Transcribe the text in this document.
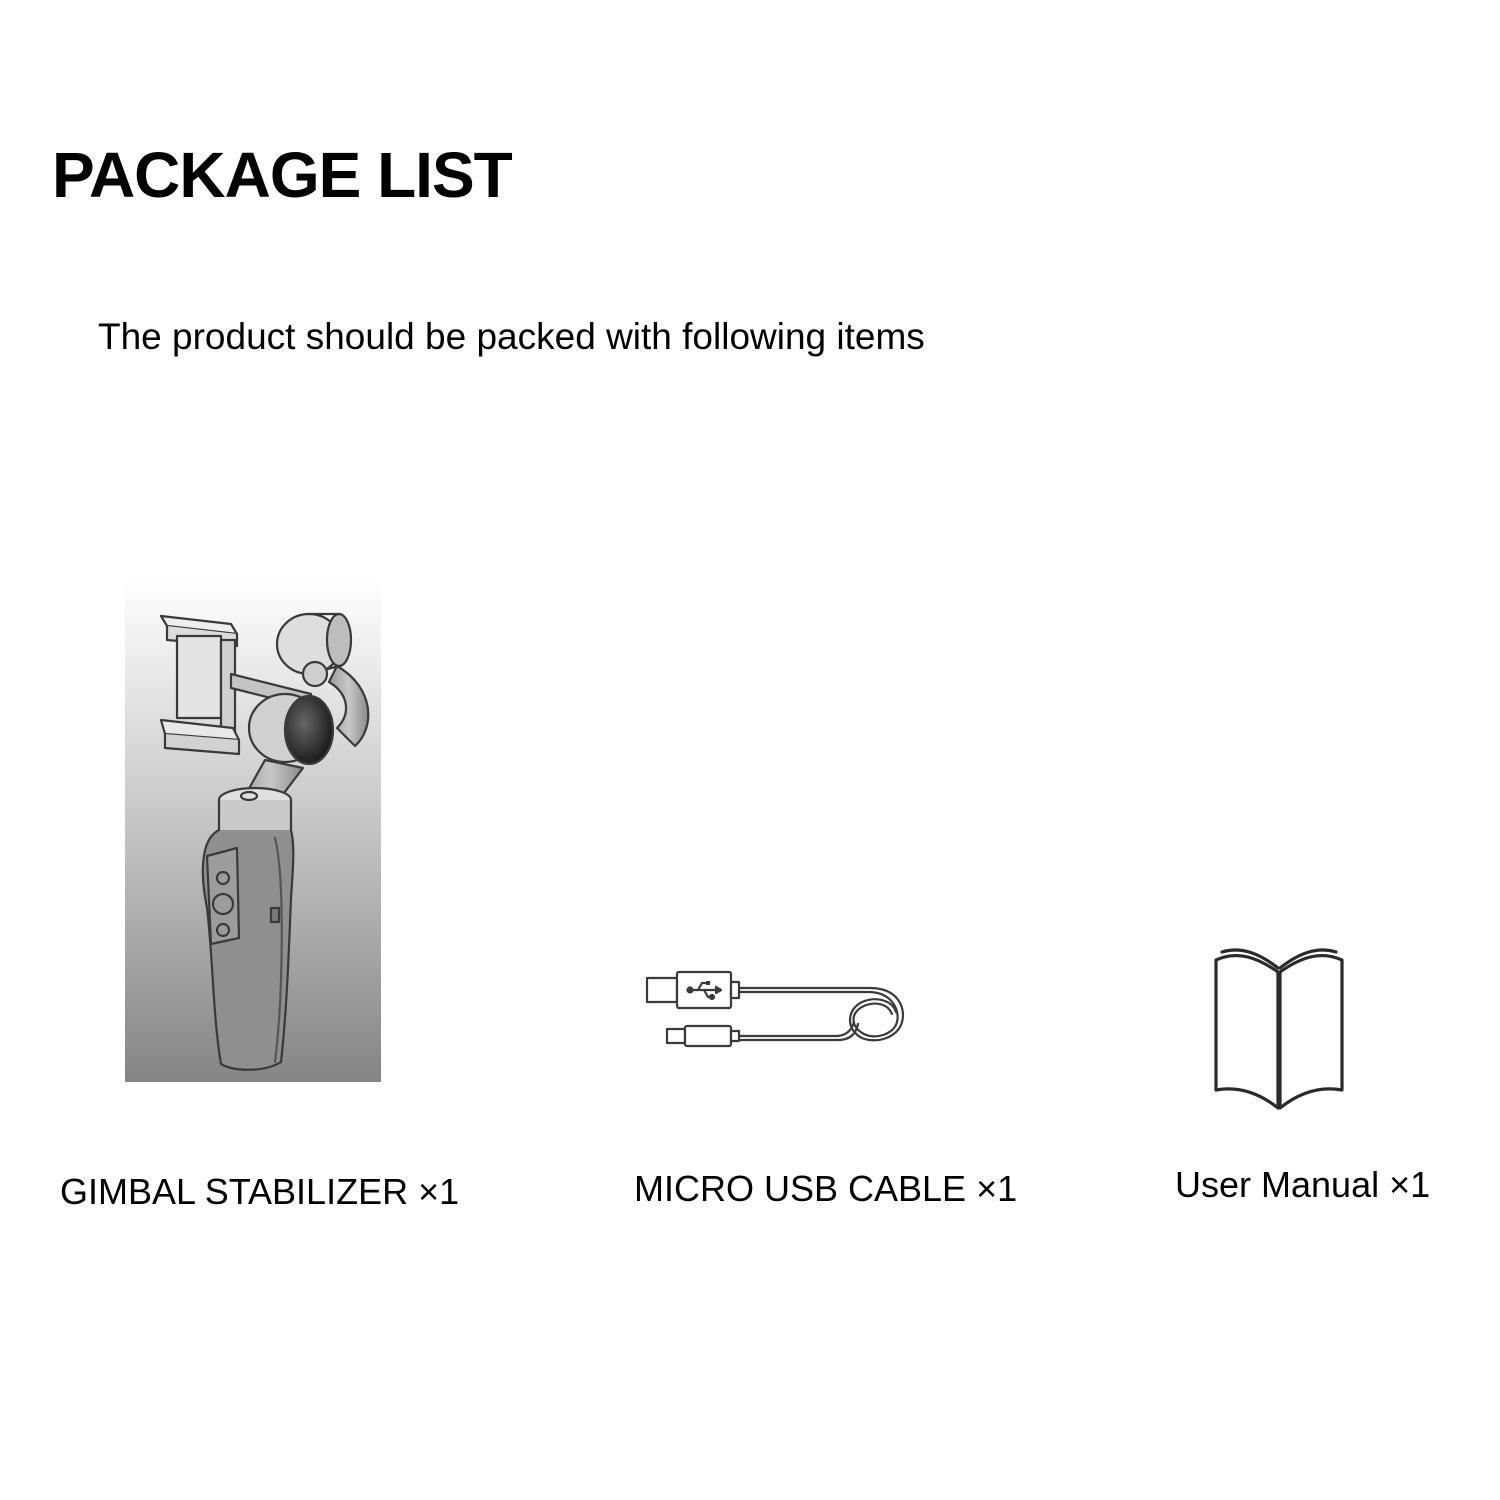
PACKAGE LIST

The product should be packed with following items

GIMBAL STABILIZER ×1	MICRO USB CABLE ×1	User Manual ×1
